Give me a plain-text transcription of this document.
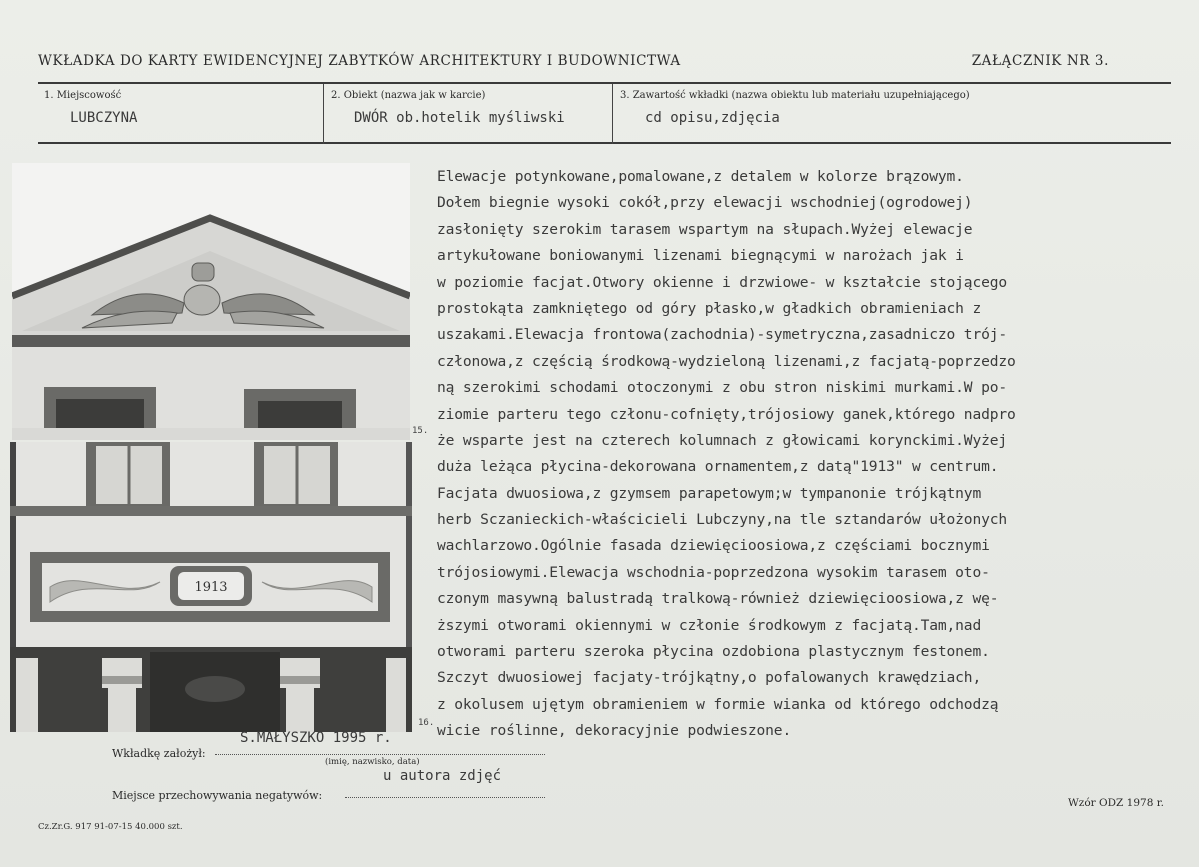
WKŁADKA DO KARTY EWIDENCYJNEJ ZABYTKÓW ARCHITEKTURY I BUDOWNICTWA	ZAŁĄCZNIK NR 3.
1. Miejscowość
LUBCZYNA
2. Obiekt (nazwa jak w karcie)
DWÓR ob.hotelik myśliwski
3. Zawartość wkładki (nazwa obiektu lub materiału uzupełniającego)
cd opisu,zdjęcia
15.
1913
16.
Elewacje potynkowane,pomalowane,z detalem w kolorze brązowym.
Dołem biegnie wysoki cokół,przy elewacji wschodniej(ogrodowej)
zasłonięty szerokim tarasem wspartym na słupach.Wyżej elewacje
artykułowane boniowanymi lizenami biegnącymi w narożach jak i
w poziomie facjat.Otwory okienne i drzwiowe- w kształcie stojącego
prostokąta zamkniętego od góry płasko,w gładkich obramieniach z
uszakami.Elewacja frontowa(zachodnia)-symetryczna,zasadniczo trój-
członowa,z częścią środkową-wydzieloną lizenami,z facjatą-poprzedzo
ną szerokimi schodami otoczonymi z obu stron niskimi murkami.W po-
ziomie parteru tego członu-cofnięty,trójosiowy ganek,którego nadpro
że wsparte jest na czterech kolumnach z głowicami korynckimi.Wyżej
duża leżąca płycina-dekorowana ornamentem,z datą"1913" w centrum.
Facjata dwuosiowa,z gzymsem parapetowym;w tympanonie trójkątnym
herb Sczanieckich-właścicieli Lubczyny,na tle sztandarów ułożonych
wachlarzowo.Ogólnie fasada dziewięcioosiowa,z częściami bocznymi
trójosiowymi.Elewacja wschodnia-poprzedzona wysokim tarasem oto-
czonym masywną balustradą tralkową-również dziewięcioosiowa,z wę-
ższymi otworami okiennymi w członie środkowym z facjatą.Tam,nad
otworami parteru szeroka płycina ozdobiona plastycznym festonem.
Szczyt dwuosiowej facjaty-trójkątny,o pofalowanych krawędziach,
z okolusem ujętym obramieniem w formie wianka od którego odchodzą
wicie roślinne, dekoracyjnie podwieszone.
Wkładkę założył:
S.MAŁYSZKO 1995 r.
(imię, nazwisko, data)
u autora zdjęć
Miejsce przechowywania negatywów:
Cz.Zr.G. 917 91-07-15 40.000 szt.
Wzór ODZ 1978 r.
